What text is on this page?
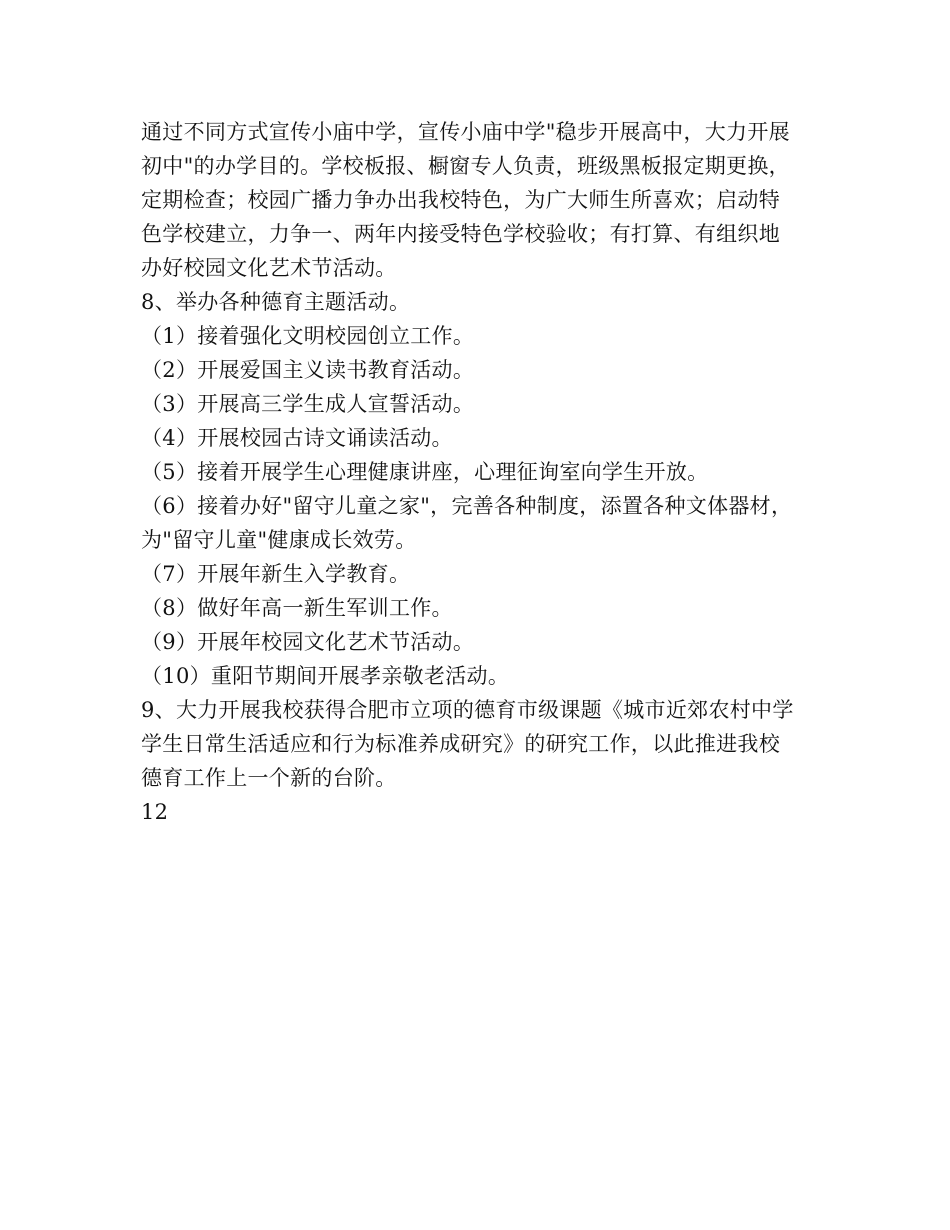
通过不同方式宣传小庙中学，宣传小庙中学"稳步开展高中，大力开展
初中"的办学目的。学校板报、橱窗专人负责，班级黑板报定期更换，
定期检查；校园广播力争办出我校特色，为广大师生所喜欢；启动特
色学校建立，力争一、两年内接受特色学校验收；有打算、有组织地
办好校园文化艺术节活动。
8、举办各种德育主题活动。
（1）接着强化文明校园创立工作。
（2）开展爱国主义读书教育活动。
（3）开展高三学生成人宣誓活动。
（4）开展校园古诗文诵读活动。
（5）接着开展学生心理健康讲座，心理征询室向学生开放。
（6）接着办好"留守儿童之家"，完善各种制度，添置各种文体器材，
为"留守儿童"健康成长效劳。
（7）开展年新生入学教育。
（8）做好年高一新生军训工作。
（9）开展年校园文化艺术节活动。
（10）重阳节期间开展孝亲敬老活动。
9、大力开展我校获得合肥市立项的德育市级课题《城市近郊农村中学
学生日常生活适应和行为标准养成研究》的研究工作，以此推进我校
德育工作上一个新的台阶。
12
